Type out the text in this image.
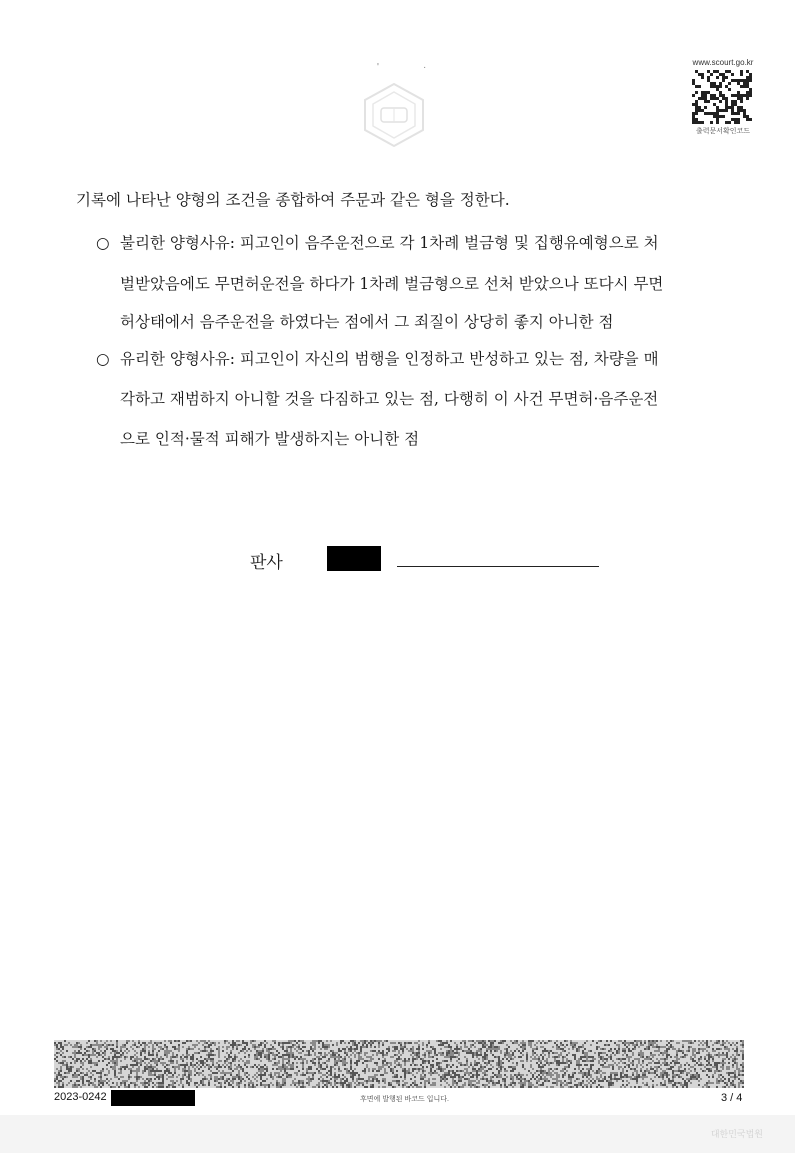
'	·	www.scourt.go.kr
출력문서확인코드
기록에 나타난 양형의 조건을 종합하여 주문과 같은 형을 정한다.
○ 불리한 양형사유: 피고인이 음주운전으로 각 1차례 벌금형 및 집행유예형으로 처
벌받았음에도 무면허운전을 하다가 1차례 벌금형으로 선처 받았으나 또다시 무면
허상태에서 음주운전을 하였다는 점에서 그 죄질이 상당히 좋지 아니한 점
○ 유리한 양형사유: 피고인이 자신의 범행을 인정하고 반성하고 있는 점, 차량을 매
각하고 재범하지 아니할 것을 다짐하고 있는 점, 다행히 이 사건 무면허·음주운전
으로 인적·물적 피해가 발생하지는 아니한 점
판사
2023-0242	후면에 발행된 바코드 입니다.	3 / 4
대한민국법원
